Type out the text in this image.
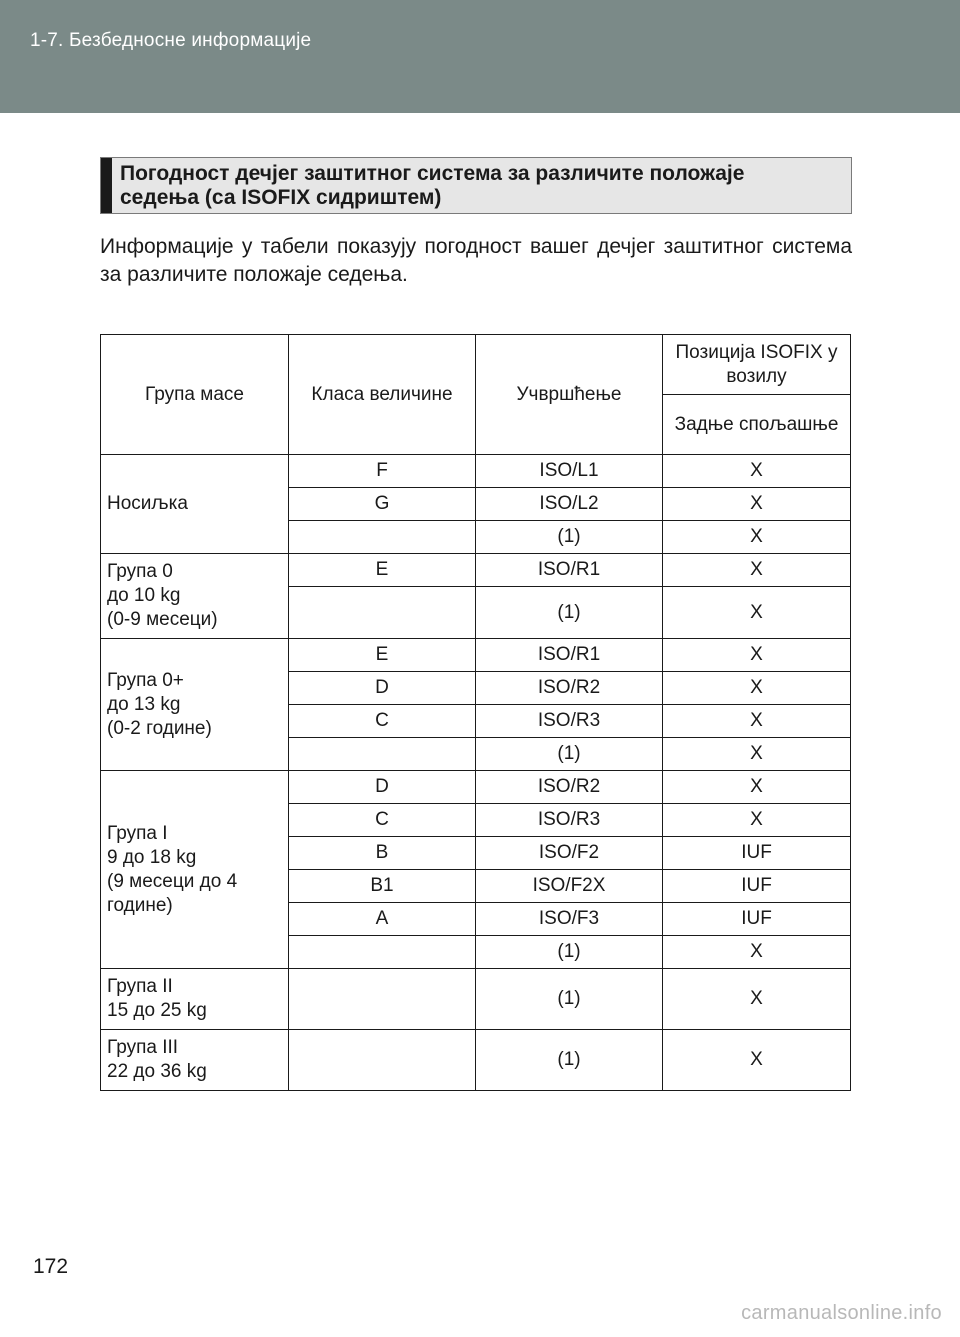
1-7. Безбедносне информације
Погодност дечјег заштитног система за различите положаје
седења (са ISOFIX сидриштем)
Информације у табели показују погодност вашег дечјег заштитног система за различите положаје седења.
Група масе	Класа величине	Учвршћење	Позиција ISOFIX у возилу
			Задње спољашње
Носиљка	F	ISO/L1	X
	G	ISO/L2	X
		(1)	X

Група 0
до 10 kg
(0-9 месеци)	E	ISO/R1	X
		(1)	X

Група 0+
до 13 kg
(0-2 године)	E	ISO/R1	X
	D	ISO/R2	X
	C	ISO/R3	X
		(1)	X

Група I
9 до 18 kg
(9 месеци до 4
године)	D	ISO/R2	X
	C	ISO/R3	X
	B	ISO/F2	IUF
	B1	ISO/F2X	IUF
	A	ISO/F3	IUF
		(1)	X

Група II
15 до 25 kg		(1)	X

Група III
22 до 36 kg		(1)	X
172
carmanualsonline.info
